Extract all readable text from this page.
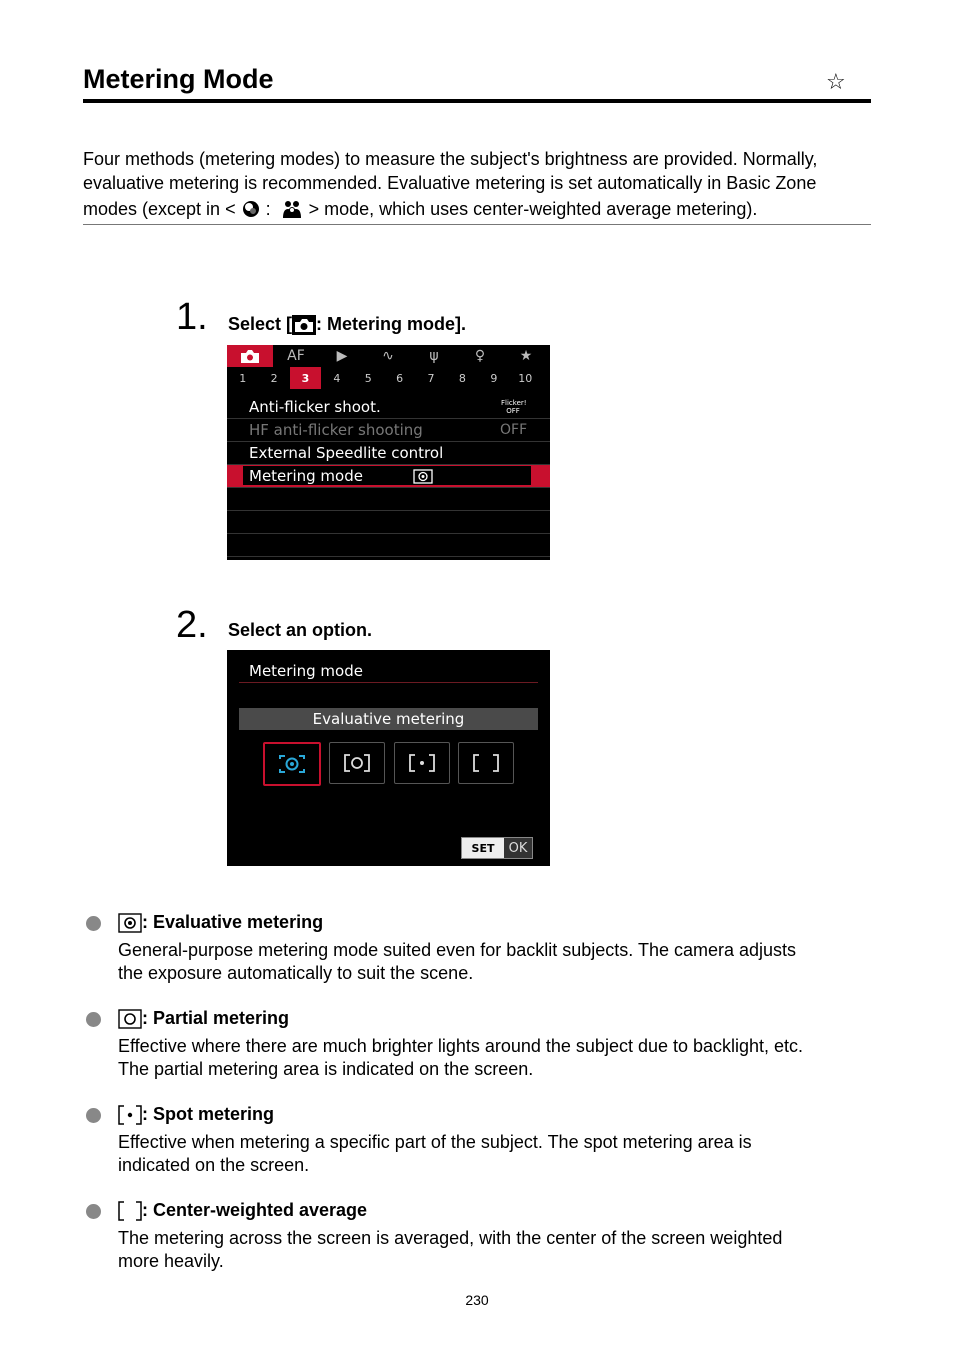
Metering Mode	☆
Four methods (metering modes) to measure the subject's brightness are provided. Normally,
evaluative metering is recommended. Evaluative metering is set automatically in Basic Zone
modes (except in < : > mode, which uses center-weighted average metering).
1. Select [ : Metering mode].
AF	▶	∿	ψ	♀	★
1	2	3	4	5	6	7	8	9	10
Anti-flicker shoot.	Flicker! OFF
HF anti-flicker shooting	OFF
External Speedlite control
Metering mode
2. Select an option.
Metering mode
Evaluative metering
SET	OK
: Evaluative metering
General-purpose metering mode suited even for backlit subjects. The camera adjusts
the exposure automatically to suit the scene.
: Partial metering
Effective where there are much brighter lights around the subject due to backlight, etc.
The partial metering area is indicated on the screen.
: Spot metering
Effective when metering a specific part of the subject. The spot metering area is
indicated on the screen.
: Center-weighted average
The metering across the screen is averaged, with the center of the screen weighted
more heavily.
230
